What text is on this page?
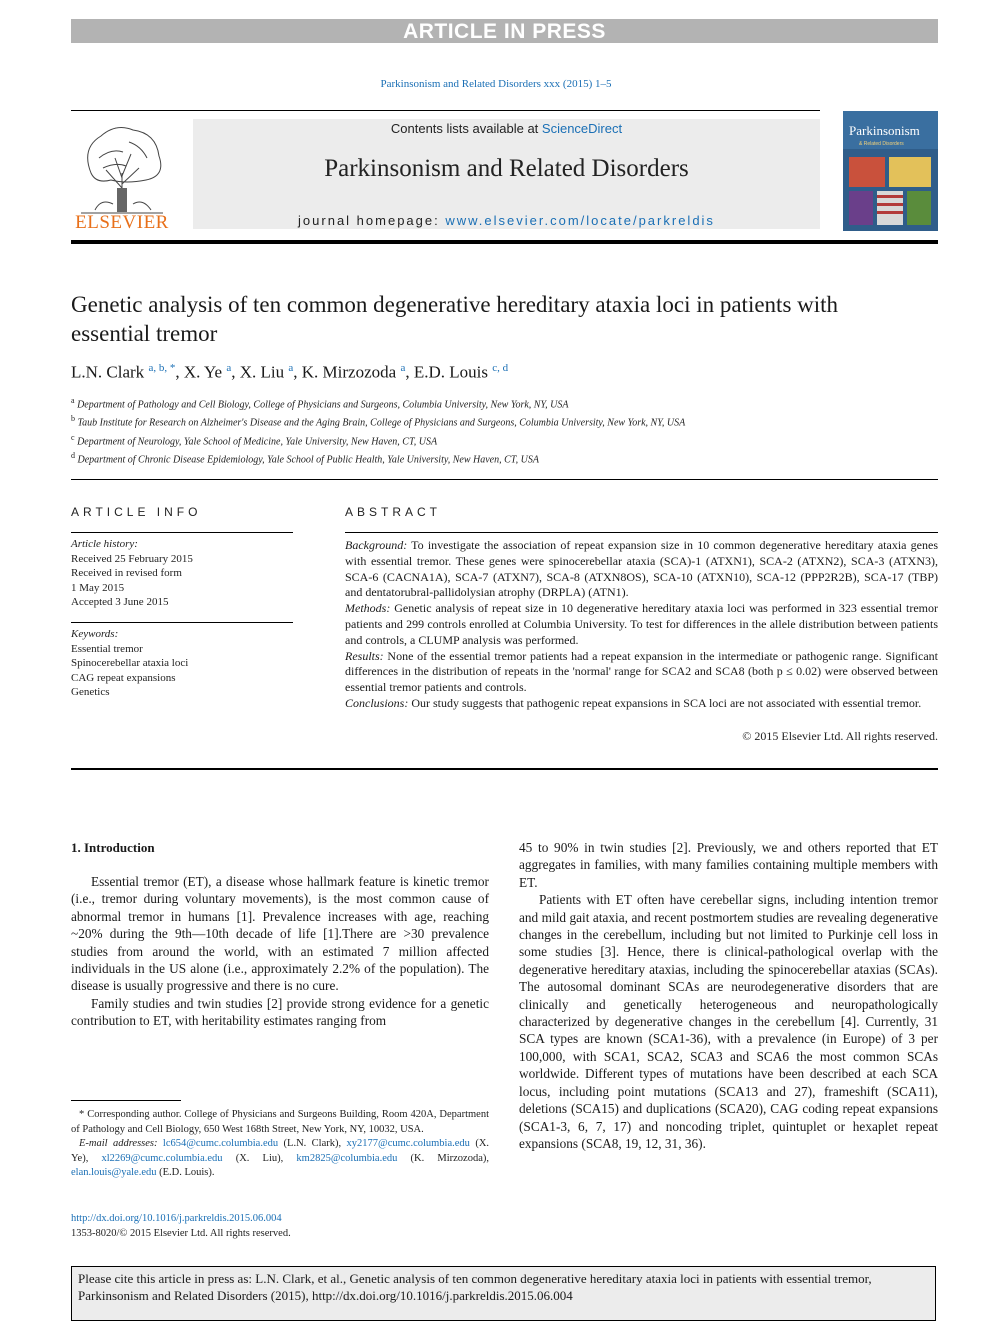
ARTICLE IN PRESS
Parkinsonism and Related Disorders xxx (2015) 1–5
ELSEVIER
Contents lists available at ScienceDirect
Parkinsonism and Related Disorders
journal homepage: www.elsevier.com/locate/parkreldis
Parkinsonism
& Related Disorders
Genetic analysis of ten common degenerative hereditary ataxia loci in patients with essential tremor
L.N. Clark $^{a, b, *}$, X. Ye $^a$, X. Liu $^a$, K. Mirzozoda $^a$, E.D. Louis $^{c, d}$
$^a$ Department of Pathology and Cell Biology, College of Physicians and Surgeons, Columbia University, New York, NY, USA
$^b$ Taub Institute for Research on Alzheimer's Disease and the Aging Brain, College of Physicians and Surgeons, Columbia University, New York, NY, USA
$^c$ Department of Neurology, Yale School of Medicine, Yale University, New Haven, CT, USA
$^d$ Department of Chronic Disease Epidemiology, Yale School of Public Health, Yale University, New Haven, CT, USA
ARTICLE INFO	ABSTRACT
Article history:
Received 25 February 2015
Received in revised form
1 May 2015
Accepted 3 June 2015
Keywords:
Essential tremor
Spinocerebellar ataxia loci
CAG repeat expansions
Genetics

Background: To investigate the association of repeat expansion size in 10 common degenerative hereditary ataxia genes with essential tremor. These genes were spinocerebellar ataxia (SCA)-1 (ATXN1), SCA-2 (ATXN2), SCA-3 (ATXN3), SCA-6 (CACNA1A), SCA-7 (ATXN7), SCA-8 (ATXN8OS), SCA-10 (ATXN10), SCA-12 (PPP2R2B), SCA-17 (TBP) and dentatorubral-pallidolysian atrophy (DRPLA) (ATN1).

Methods: Genetic analysis of repeat size in 10 degenerative hereditary ataxia loci was performed in 323 essential tremor patients and 299 controls enrolled at Columbia University. To test for differences in the allele distribution between patients and controls, a CLUMP analysis was performed.

Results: None of the essential tremor patients had a repeat expansion in the intermediate or pathogenic range. Significant differences in the distribution of repeats in the 'normal' range for SCA2 and SCA8 (both p ≤ 0.02) were observed between essential tremor patients and controls.

Conclusions: Our study suggests that pathogenic repeat expansions in SCA loci are not associated with essential tremor.

© 2015 Elsevier Ltd. All rights reserved.
1. Introduction

Essential tremor (ET), a disease whose hallmark feature is kinetic tremor (i.e., tremor during voluntary movements), is the most common cause of abnormal tremor in humans [1]. Prevalence increases with age, reaching ~20% during the 9th—10th decade of life [1].There are >30 prevalence studies from around the world, with an estimated 7 million affected individuals in the US alone (i.e., approximately 2.2% of the population). The disease is usually progressive and there is no cure.

Family studies and twin studies [2] provide strong evidence for a genetic contribution to ET, with heritability estimates ranging from

45 to 90% in twin studies [2]. Previously, we and others reported that ET aggregates in families, with many families containing multiple members with ET.

Patients with ET often have cerebellar signs, including intention tremor and mild gait ataxia, and recent postmortem studies are revealing degenerative changes in the cerebellum, including but not limited to Purkinje cell loss in some studies [3]. Hence, there is clinical-pathological overlap with the degenerative hereditary ataxias, including the spinocerebellar ataxias (SCAs). The autosomal dominant SCAs are neurodegenerative disorders that are clinically and genetically heterogeneous and neuropathologically characterized by degenerative changes in the cerebellum [4]. Currently, 31 SCA types are known (SCA1-36), with a prevalence (in Europe) of 3 per 100,000, with SCA1, SCA2, SCA3 and SCA6 the most common SCAs worldwide. Different types of mutations have been described at each SCA locus, including point mutations (SCA13 and 27), frameshift (SCA11), deletions (SCA15) and duplications (SCA20), CAG coding repeat expansions (SCA1-3, 6, 7, 17) and noncoding triplet, quintuplet or hexaplet repeat expansions (SCA8, 19, 12, 31, 36).

* Corresponding author. College of Physicians and Surgeons Building, Room 420A, Department of Pathology and Cell Biology, 650 West 168th Street, New York, NY, 10032, USA.

E-mail addresses: lc654@cumc.columbia.edu (L.N. Clark), xy2177@cumc.columbia.edu (X. Ye), xl2269@cumc.columbia.edu (X. Liu), km2825@columbia.edu (K. Mirzozoda), elan.louis@yale.edu (E.D. Louis).

http://dx.doi.org/10.1016/j.parkreldis.2015.06.004
1353-8020/© 2015 Elsevier Ltd. All rights reserved.
Please cite this article in press as: L.N. Clark, et al., Genetic analysis of ten common degenerative hereditary ataxia loci in patients with essential tremor, Parkinsonism and Related Disorders (2015), http://dx.doi.org/10.1016/j.parkreldis.2015.06.004
